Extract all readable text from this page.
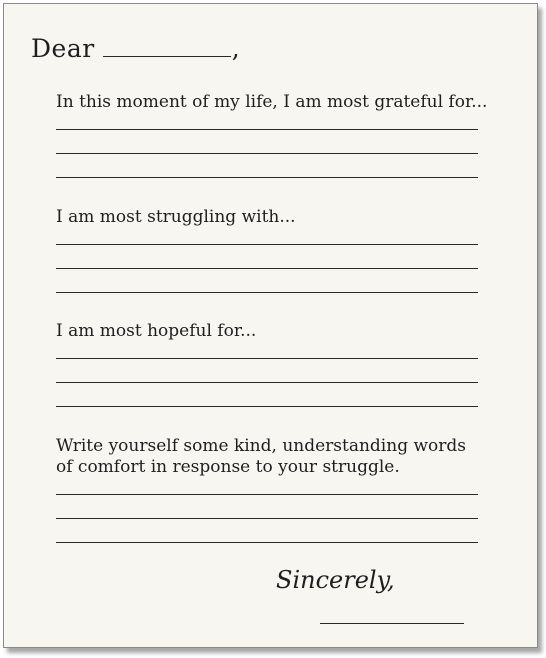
Dear	,
In this moment of my life, I am most grateful for...
I am most struggling with...
I am most hopeful for...
Write yourself some kind, understanding words
of comfort in response to your struggle.
Sincerely,
